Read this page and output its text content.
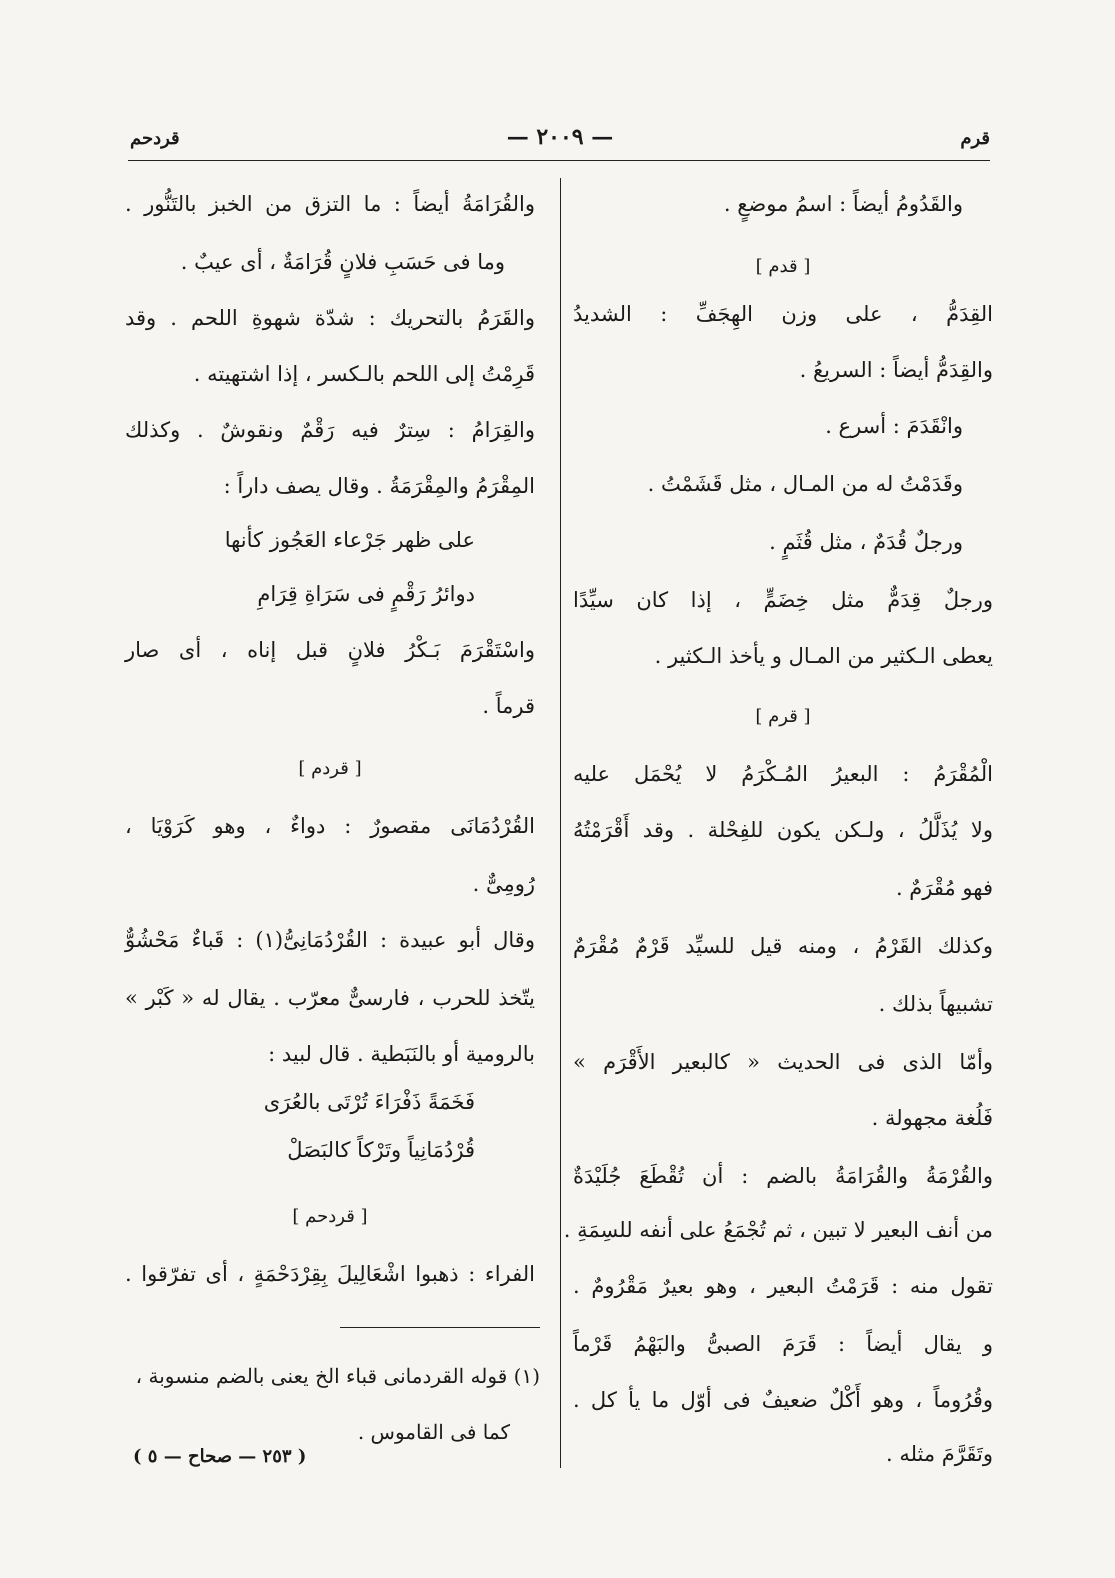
قرم
— ٢٠٠٩ —
قردحم
والقَدُومُ أيضاً : اسمُ موضعٍ .
[ قدم ]
القِدَمُّ ، على وزن الهِجَفِّ : الشديدُ
والقِدَمُّ أيضاً : السريعُ .
وانْقَدَمَ : أسرع .
وقَدَمْتُ له من المـال ، مثل قَشَمْتُ .
ورجلٌ قُدَمٌ ، مثل قُثَمٍ .
ورجلٌ قِدَمٌّ مثل خِضَمٍّ ، إذا كان سيِّدًا
يعطى الـكثير من المـال و يأخذ الـكثير .
[ قرم ]
الْمُقْرَمُ : البعيرُ المُـكْرَمُ لا يُحْمَل عليه
ولا يُذَلَّلُ ، ولـكن يكون للفِحْلة . وقد أَقْرَمْتُهُ
فهو مُقْرَمٌ .
وكذلك القَرْمُ ، ومنه قيل للسيِّد قَرْمٌ مُقْرَمٌ
تشبيهاً بذلك .
وأمّا الذى فى الحديث « كالبعير الأَقْرَم »
فَلُغة مجهولة .
والقُرْمَةُ والقُرَامَةُ بالضم : أن تُقْطَعَ جُلَيْدَةٌ
من أنف البعير لا تبين ، ثم تُجْمَعُ على أنفه للسِمَةِ .
تقول منه : قَرَمْتُ البعير ، وهو بعيرٌ مَقْرُومٌ .
و يقال أيضاً : قَرَمَ الصبىُّ والبَهْمُ قَرْماً
وقُرُوماً ، وهو أَكْلٌ ضعيفٌ فى أوّل ما يأ كل .
وتَقَرَّمَ مثله .
والقُرَامَةُ أيضاً : ما التزق من الخبز بالتَنُّور .
وما فى حَسَبِ فلانٍ قُرَامَةٌ ، أى عيبٌ .
والقَرَمُ بالتحريك : شدّة شهوةِ اللحم . وقد
قَرِمْتُ إلى اللحم بالـكسر ، إذا اشتهيته .
والقِرَامُ : سِترٌ فيه رَقْمٌ ونقوشٌ . وكذلك
المِقْرَمُ والمِقْرَمَةُ . وقال يصف داراً :
على ظهر جَرْعاء العَجُوز كأنها
دوائرُ رَقْمٍ فى سَرَاةِ قِرَامِ
واسْتَقْرَمَ بَـكْرُ فلانٍ قبل إناه ، أى صار
قرماً .
[ قردم ]
القُرْدُمَانَى مقصورٌ : دواءٌ ، وهو كَرَوْيَا ،
رُومِىٌّ .
وقال أبو عبيدة : القُرْدُمَانِىُّ(١) : قَباءٌ مَحْشُوٌّ
يتّخذ للحرب ، فارسىٌّ معرّب . يقال له « كَبْر »
بالرومية أو بالنَبَطية . قال لبيد :
فَخَمَةً ذَفْرَاءَ تُرْتَى بالعُرَى
قُرْدُمَانِياً وتَرْكاً كالبَصَلْ
[ قردحم ]
الفراء : ذهبوا اشْعَالِيلَ بِقِرْدَحْمَةٍ ، أى تفرّقوا .
(١) قوله القردمانى قباء الخ يعنى بالضم منسوبة ،
كما فى القاموس .
( ٢٥٣ — صحاح — ٥ )
